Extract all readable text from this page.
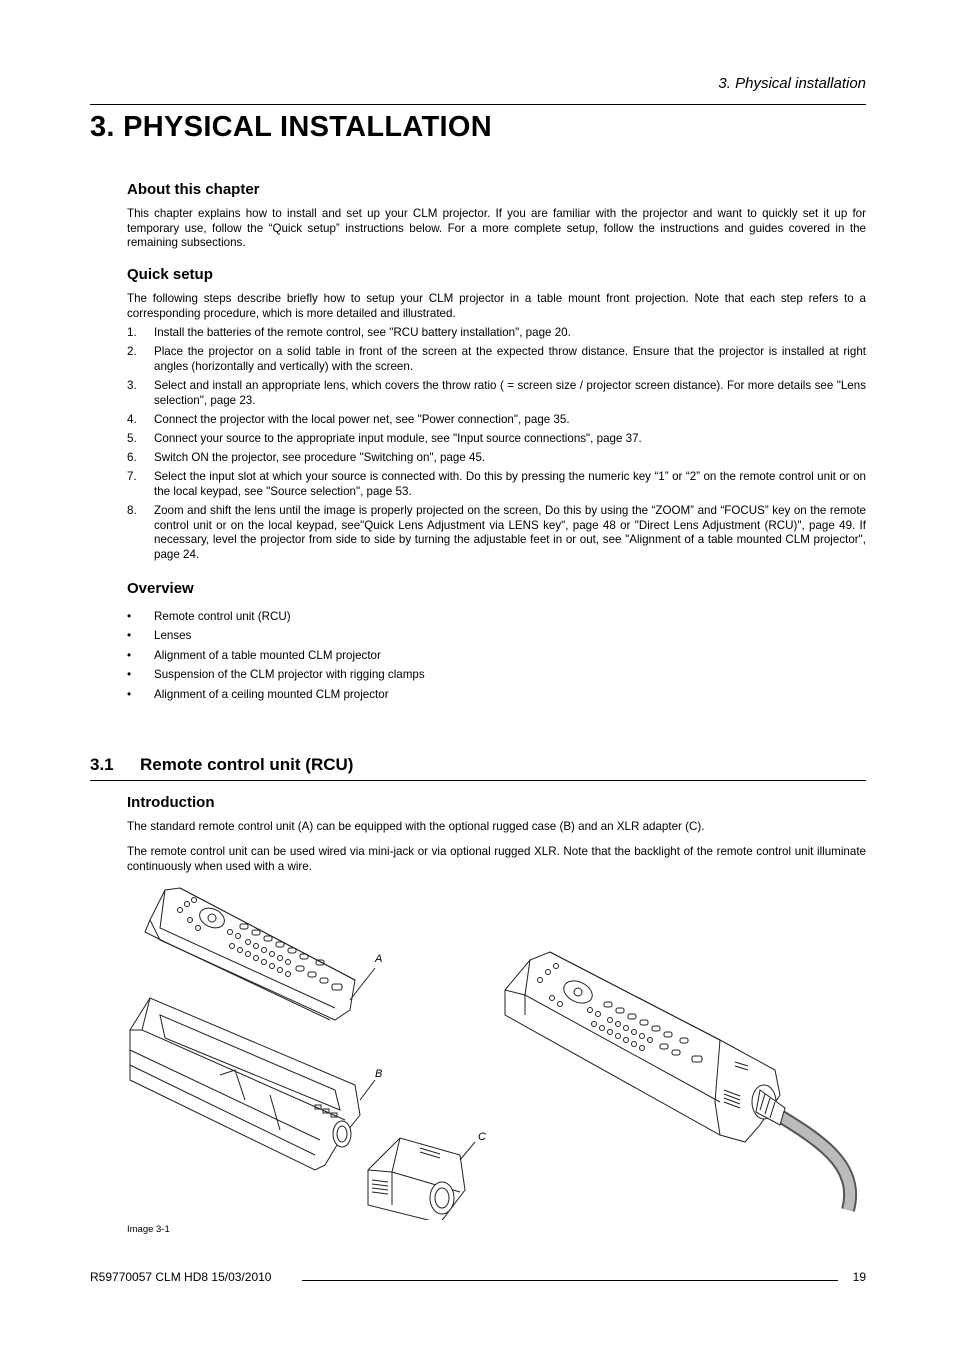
3. Physical installation
3. PHYSICAL INSTALLATION
About this chapter
This chapter explains how to install and set up your CLM projector. If you are familiar with the projector and want to quickly set it up for temporary use, follow the “Quick setup” instructions below. For a more complete setup, follow the instructions and guides covered in the remaining subsections.
Quick setup
The following steps describe briefly how to setup your CLM projector in a table mount front projection. Note that each step refers to a corresponding procedure, which is more detailed and illustrated.
1. Install the batteries of the remote control, see "RCU battery installation", page 20.
2. Place the projector on a solid table in front of the screen at the expected throw distance. Ensure that the projector is installed at right angles (horizontally and vertically) with the screen.
3. Select and install an appropriate lens, which covers the throw ratio ( = screen size / projector screen distance). For more details see "Lens selection", page 23.
4. Connect the projector with the local power net, see "Power connection", page 35.
5. Connect your source to the appropriate input module, see "Input source connections", page 37.
6. Switch ON the projector, see procedure "Switching on", page 45.
7. Select the input slot at which your source is connected with. Do this by pressing the numeric key “1” or “2” on the remote control unit or on the local keypad, see "Source selection", page 53.
8. Zoom and shift the lens until the image is properly projected on the screen, Do this by using the “ZOOM” and “FOCUS” key on the remote control unit or on the local keypad, see"Quick Lens Adjustment via LENS key", page 48 or "Direct Lens Adjustment (RCU)", page 49. If necessary, level the projector from side to side by turning the adjustable feet in or out, see "Alignment of a table mounted CLM projector", page 24.
Overview
• Remote control unit (RCU)
• Lenses
• Alignment of a table mounted CLM projector
• Suspension of the CLM projector with rigging clamps
• Alignment of a ceiling mounted CLM projector
3.1 Remote control unit (RCU)
Introduction
The standard remote control unit (A) can be equipped with the optional rugged case (B) and an XLR adapter (C).
The remote control unit can be used wired via mini-jack or via optional rugged XLR. Note that the backlight of the remote control unit illuminate continuously when used with a wire.
A
B
C
Image 3-1
R59770057 CLM HD8 15/03/2010	19
